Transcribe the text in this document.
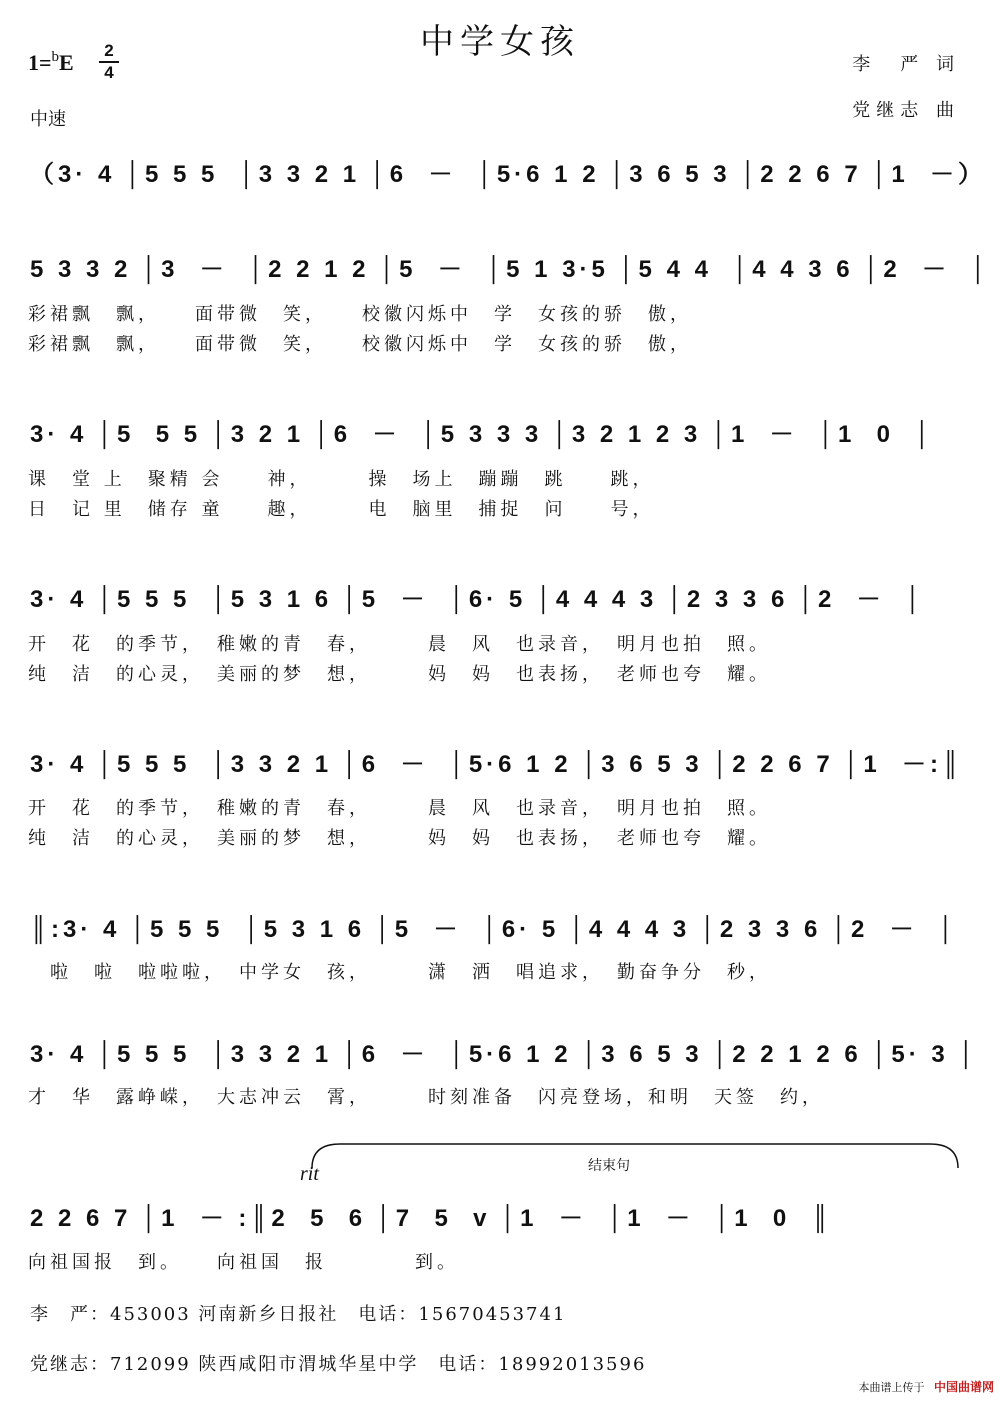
中学女孩
1=$^b$E	2
4	李　严 词
党继志 曲
中速
（3· 4 │5 5 5  │3 3 2 1 │6  －  │5·6 1 2 │3 6 5 3 │2 2 6 7 │1  －）
5 3 3 2 │3  －  │2 2 1 2 │5  －  │5 1 3·5 │5 4 4  │4 4 3 6 │2  －  │
彩裙飘　飘，　　面带微　笑，　　校徽闪烁中　学　女孩的骄　傲，
彩裙飘　飘，　　面带微　笑，　　校徽闪烁中　学　女孩的骄　傲，
3· 4 │5  5 5 │3 2 1 │6  －  │5 3 3 3 │3 2 1 2 3 │1  －  │1  0  │
课　堂 上　聚精 会　　神，　　　操　场上　蹦蹦　跳　　跳，
日　记 里　储存 童　　趣，　　　电　脑里　捕捉　问　　号，
3· 4 │5 5 5  │5 3 1 6 │5  －  │6· 5 │4 4 4 3 │2 3 3 6 │2  －  │
开　花　的季节，　稚嫩的青　春，　　　晨　风　也录音，　明月也拍　照。
纯　洁　的心灵，　美丽的梦　想，　　　妈　妈　也表扬，　老师也夸　耀。
3· 4 │5 5 5  │3 3 2 1 │6  －  │5·6 1 2 │3 6 5 3 │2 2 6 7 │1  －:║
开　花　的季节，　稚嫩的青　春，　　　晨　风　也录音，　明月也拍　照。
纯　洁　的心灵，　美丽的梦　想，　　　妈　妈　也表扬，　老师也夸　耀。
║:3· 4 │5 5 5  │5 3 1 6 │5  －  │6· 5 │4 4 4 3 │2 3 3 6 │2  －  │
　啦　啦　啦啦啦，　中学女　孩，　　　潇　洒　唱追求，　勤奋争分　秒，
3· 4 │5 5 5  │3 3 2 1 │6  －  │5·6 1 2 │3 6 5 3 │2 2 1 2 6 │5· 3 │
才　华　露峥嵘，　大志冲云　霄，　　　时刻准备　闪亮登场，和明　天签　约，
rit	结束句
2 2 6 7 │1  － :║2  5  6 │7  5  v │1  －  │1  －  │1  0  ║
向祖国报　到。　　向祖国　报　　　　到。
李　严：453003 河南新乡日报社　电话：15670453741
党继志：712099 陕西咸阳市渭城华星中学　电话：18992013596
本曲谱上传于 中国曲谱网
